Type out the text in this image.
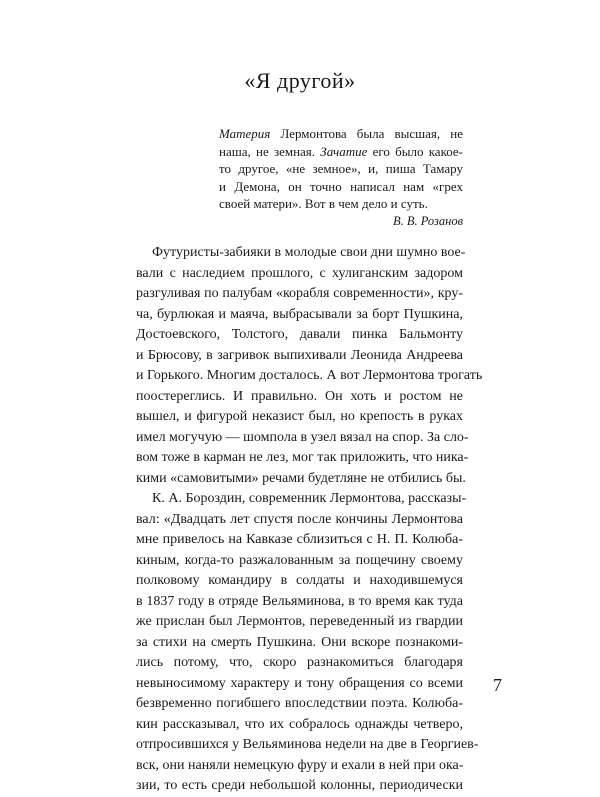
«Я другой»
Материя Лермонтова была высшая, не
наша, не земная. Зачатие его было какое-
то другое, «не земное», и, пиша Тамару
и Демона, он точно написал нам «грех
своей матери». Вот в чем дело и суть.
В. В. Розанов
Футуристы-забияки в молодые свои дни шумно вое-
вали с наследием прошлого, с хулиганским задором
разгуливая по палубам «корабля современности», кру-
ча, бурлюкая и маяча, выбрасывали за борт Пушкина,
Достоевского, Толстого, давали пинка Бальмонту
и Брюсову, в загривок выпихивали Леонида Андреева
и Горького. Многим досталось. А вот Лермонтова трогать
поостереглись. И правильно. Он хоть и ростом не
вышел, и фигурой неказист был, но крепость в руках
имел могучую — шомпола в узел вязал на спор. За сло-
вом тоже в карман не лез, мог так приложить, что ника-
кими «самовитыми» речами будетляне не отбились бы.
К. А. Бороздин, современник Лермонтова, рассказы-
вал: «Двадцать лет спустя после кончины Лермонтова
мне привелось на Кавказе сблизиться с Н. П. Колюба-
киным, когда-то разжалованным за пощечину своему
полковому командиру в солдаты и находившемуся
в 1837 году в отряде Вельяминова, в то время как туда
же прислан был Лермонтов, переведенный из гвардии
за стихи на смерть Пушкина. Они вскоре познакоми-
лись потому, что, скоро разнакомиться благодаря
невыносимому характеру и тону обращения со всеми
безвременно погибшего впоследствии поэта. Колюба-
кин рассказывал, что их собралось однажды четверо,
отпросившихся у Вельяминова недели на две в Георгиев-
вск, они наняли немецкую фуру и ехали в ней при ока-
зии, то есть среди небольшой колонны, периодически
7
